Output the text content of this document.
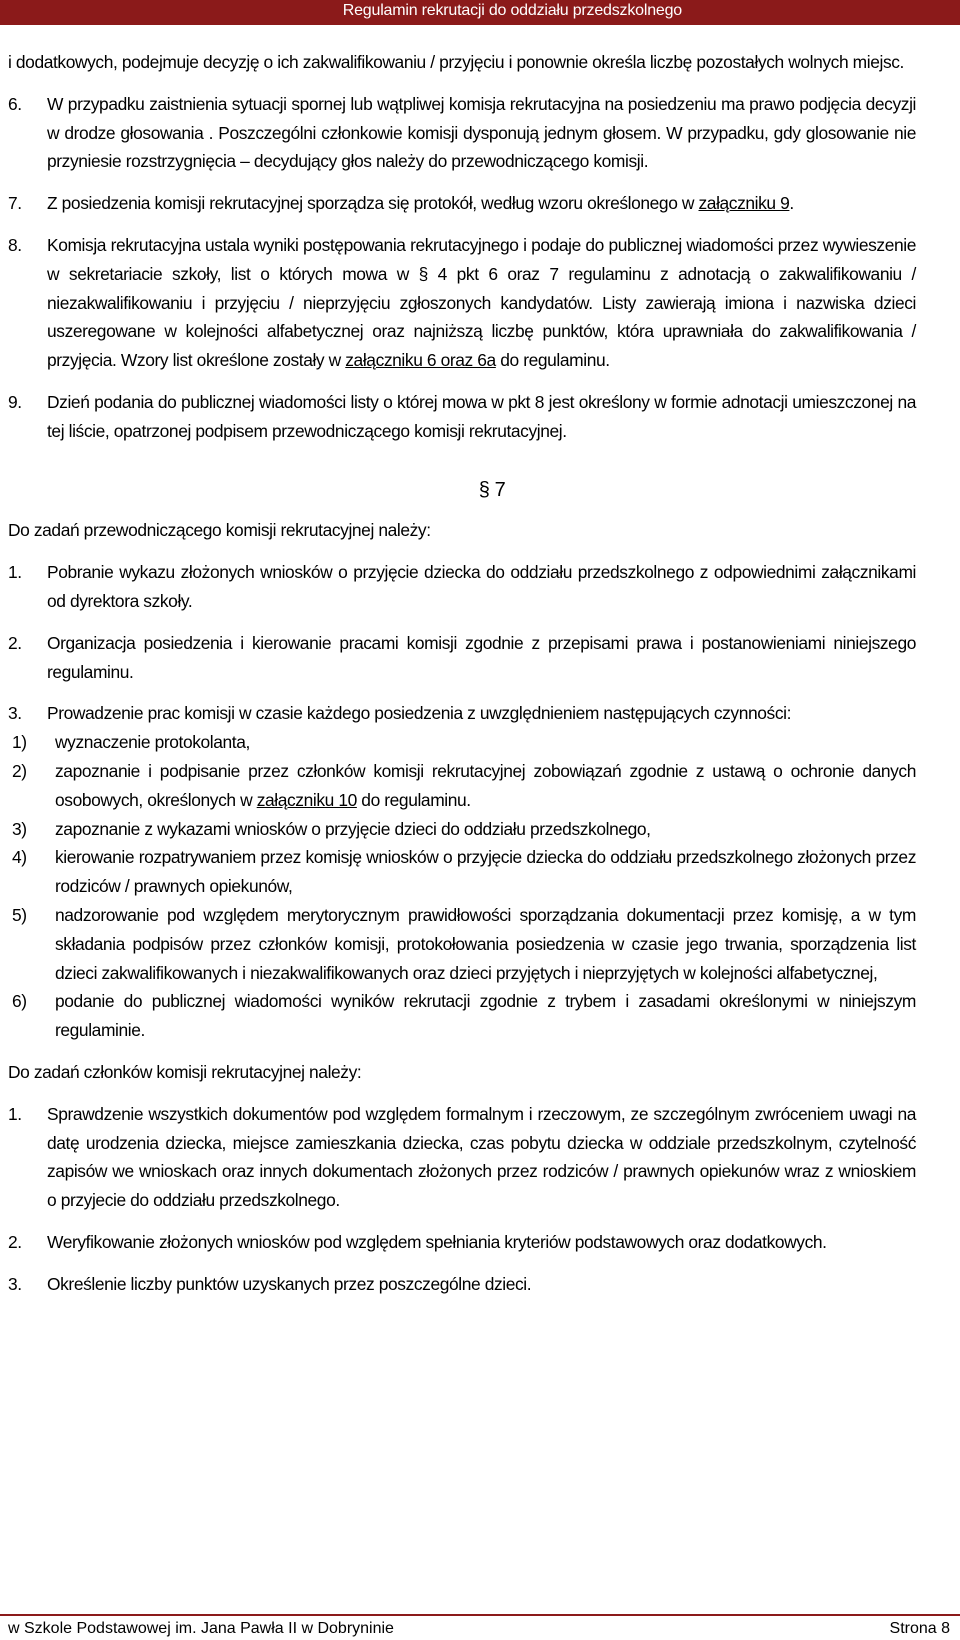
Regulamin rekrutacji do oddziału przedszkolnego

i dodatkowych, podejmuje decyzję o ich zakwalifikowaniu / przyjęciu i ponownie określa liczbę pozostałych wolnych miejsc.

6.	W przypadku zaistnienia sytuacji spornej lub wątpliwej komisja rekrutacyjna na posiedzeniu ma prawo podjęcia decyzji w drodze głosowania . Poszczególni członkowie komisji dysponują jednym głosem. W przypadku, gdy glosowanie nie przyniesie rozstrzygnięcia – decydujący głos należy do przewodniczącego komisji.
7.	Z posiedzenia komisji rekrutacyjnej sporządza się protokół, według wzoru określonego w załączniku 9.
8.	Komisja rekrutacyjna ustala wyniki postępowania rekrutacyjnego i podaje do publicznej wiadomości przez wywieszenie w sekretariacie szkoły, list o których mowa w § 4 pkt 6 oraz 7 regulaminu z adnotacją o zakwalifikowaniu / niezakwalifikowaniu i przyjęciu / nieprzyjęciu zgłoszonych kandydatów. Listy zawierają imiona i nazwiska dzieci uszeregowane w kolejności alfabetycznej oraz najniższą liczbę punktów, która uprawniała do zakwalifikowania / przyjęcia. Wzory list określone zostały w załączniku 6 oraz 6a do regulaminu.
9.	Dzień podania do publicznej wiadomości listy o której mowa w pkt 8 jest określony w formie adnotacji umieszczonej na tej liście, opatrzonej podpisem przewodniczącego komisji rekrutacyjnej.
§ 7

Do zadań przewodniczącego komisji rekrutacyjnej należy:

1.	Pobranie wykazu złożonych wniosków o przyjęcie dziecka do oddziału przedszkolnego z odpowiednimi załącznikami od dyrektora szkoły.
2.	Organizacja posiedzenia i kierowanie pracami komisji zgodnie z przepisami prawa i postanowieniami niniejszego regulaminu.
3.	Prowadzenie prac komisji w czasie każdego posiedzenia z uwzględnieniem następujących czynności:
1)	wyznaczenie protokolanta,
2)	zapoznanie i podpisanie przez członków komisji rekrutacyjnej zobowiązań zgodnie z ustawą o ochronie danych osobowych, określonych w załączniku 10 do regulaminu.
3)	zapoznanie z wykazami wniosków o przyjęcie dzieci do oddziału przedszkolnego,
4)	kierowanie rozpatrywaniem przez komisję wniosków o przyjęcie dziecka do oddziału przedszkolnego złożonych przez rodziców / prawnych opiekunów,
5)	nadzorowanie pod względem merytorycznym prawidłowości sporządzania dokumentacji przez komisję, a w tym składania podpisów przez członków komisji, protokołowania posiedzenia w czasie jego trwania, sporządzenia list dzieci zakwalifikowanych i niezakwalifikowanych oraz dzieci przyjętych i nieprzyjętych w kolejności alfabetycznej,
6)	podanie do publicznej wiadomości wyników rekrutacji zgodnie z trybem i zasadami określonymi w niniejszym regulaminie.

Do zadań członków komisji rekrutacyjnej należy:

1.	Sprawdzenie wszystkich dokumentów pod względem formalnym i rzeczowym, ze szczególnym zwróceniem uwagi na datę urodzenia dziecka, miejsce zamieszkania dziecka, czas pobytu dziecka w oddziale przedszkolnym, czytelność zapisów we wnioskach oraz innych dokumentach złożonych przez rodziców / prawnych opiekunów wraz z wnioskiem o przyjecie do oddziału przedszkolnego.
2.	Weryfikowanie złożonych wniosków pod względem spełniania kryteriów podstawowych oraz dodatkowych.
3.	Określenie liczby punktów uzyskanych przez poszczególne dzieci.
w Szkole Podstawowej im. Jana Pawła II w Dobryninie	Strona 8
